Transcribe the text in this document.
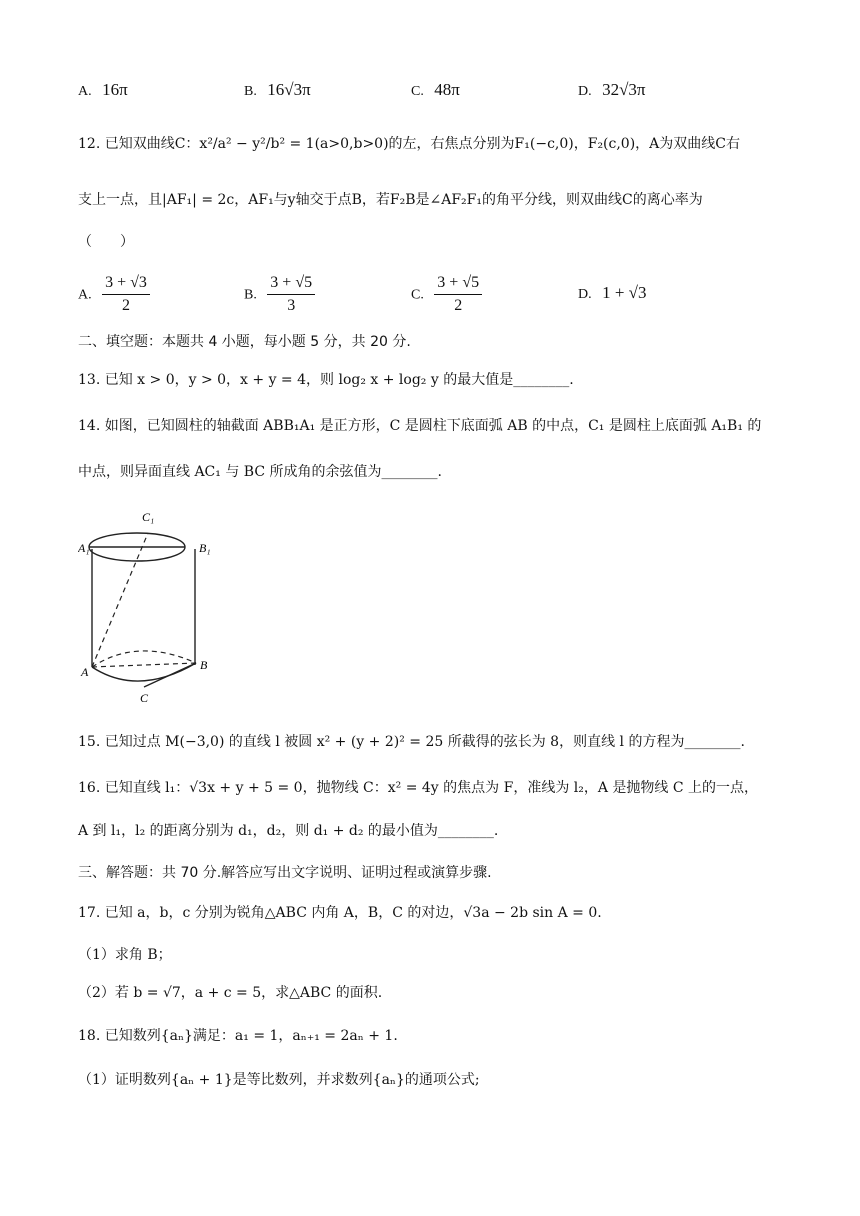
A. 16π	B. 16√3π	C. 48π	D. 32√3π
12. 已知双曲线C：x²/a² − y²/b² = 1(a>0,b>0)的左，右焦点分别为F₁(−c,0)，F₂(c,0)，A为双曲线C右
支上一点，且|AF₁| = 2c，AF₁与y轴交于点B，若F₂B是∠AF₂F₁的角平分线，则双曲线C的离心率为
（　　）
A. $\frac{3 + √3}{2}$	B. $\frac{3 + √5}{3}$	C. $\frac{3 + √5}{2}$	D. 1 + √3
二、填空题：本题共 4 小题，每小题 5 分，共 20 分.
13. 已知 x > 0，y > 0，x + y = 4，则 log₂ x + log₂ y 的最大值是________.
14. 如图，已知圆柱的轴截面 ABB₁A₁ 是正方形，C 是圆柱下底面弧 AB 的中点，C₁ 是圆柱上底面弧 A₁B₁ 的
中点，则异面直线 AC₁ 与 BC 所成角的余弦值为________.
C₁
A₁	B₁
A	B
C
15. 已知过点 M(−3,0) 的直线 l 被圆 x² + (y + 2)² = 25 所截得的弦长为 8，则直线 l 的方程为________.
16. 已知直线 l₁：√3x + y + 5 = 0，抛物线 C：x² = 4y 的焦点为 F，准线为 l₂，A 是抛物线 C 上的一点，
A 到 l₁，l₂ 的距离分别为 d₁，d₂，则 d₁ + d₂ 的最小值为________.
三、解答题：共 70 分.解答应写出文字说明、证明过程或演算步骤.
17. 已知 a，b，c 分别为锐角△ABC 内角 A，B，C 的对边，√3a − 2b sin A = 0.
（1）求角 B；
（2）若 b = √7，a + c = 5，求△ABC 的面积.
18. 已知数列{aₙ}满足：a₁ = 1，aₙ₊₁ = 2aₙ + 1.
（1）证明数列{aₙ + 1}是等比数列，并求数列{aₙ}的通项公式;
